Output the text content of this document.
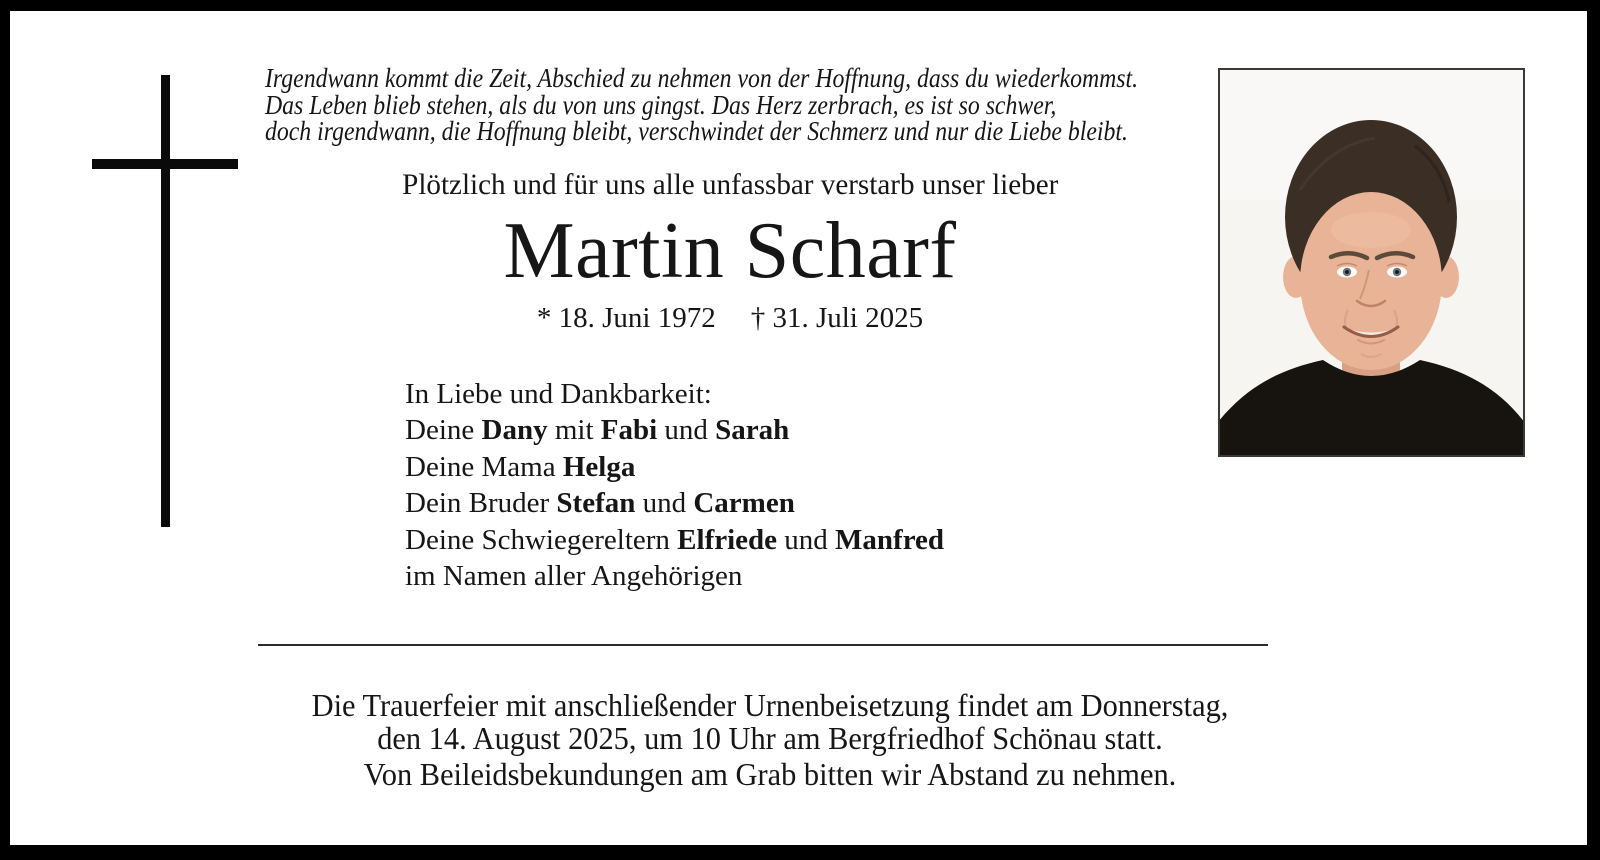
Irgendwann kommt die Zeit, Abschied zu nehmen von der Hoffnung, dass du wiederkommst.
Das Leben blieb stehen, als du von uns gingst. Das Herz zerbrach, es ist so schwer,
doch irgendwann, die Hoffnung bleibt, verschwindet der Schmerz und nur die Liebe bleibt.
Plötzlich und für uns alle unfassbar verstarb unser lieber
Martin Scharf
* 18. Juni 1972 † 31. Juli 2025
In Liebe und Dankbarkeit:
Deine Dany mit Fabi und Sarah
Deine Mama Helga
Dein Bruder Stefan und Carmen
Deine Schwiegereltern Elfriede und Manfred
im Namen aller Angehörigen
Die Trauerfeier mit anschließender Urnenbeisetzung findet am Donnerstag,
den 14. August 2025, um 10 Uhr am Bergfriedhof Schönau statt.
Von Beileidsbekundungen am Grab bitten wir Abstand zu nehmen.
